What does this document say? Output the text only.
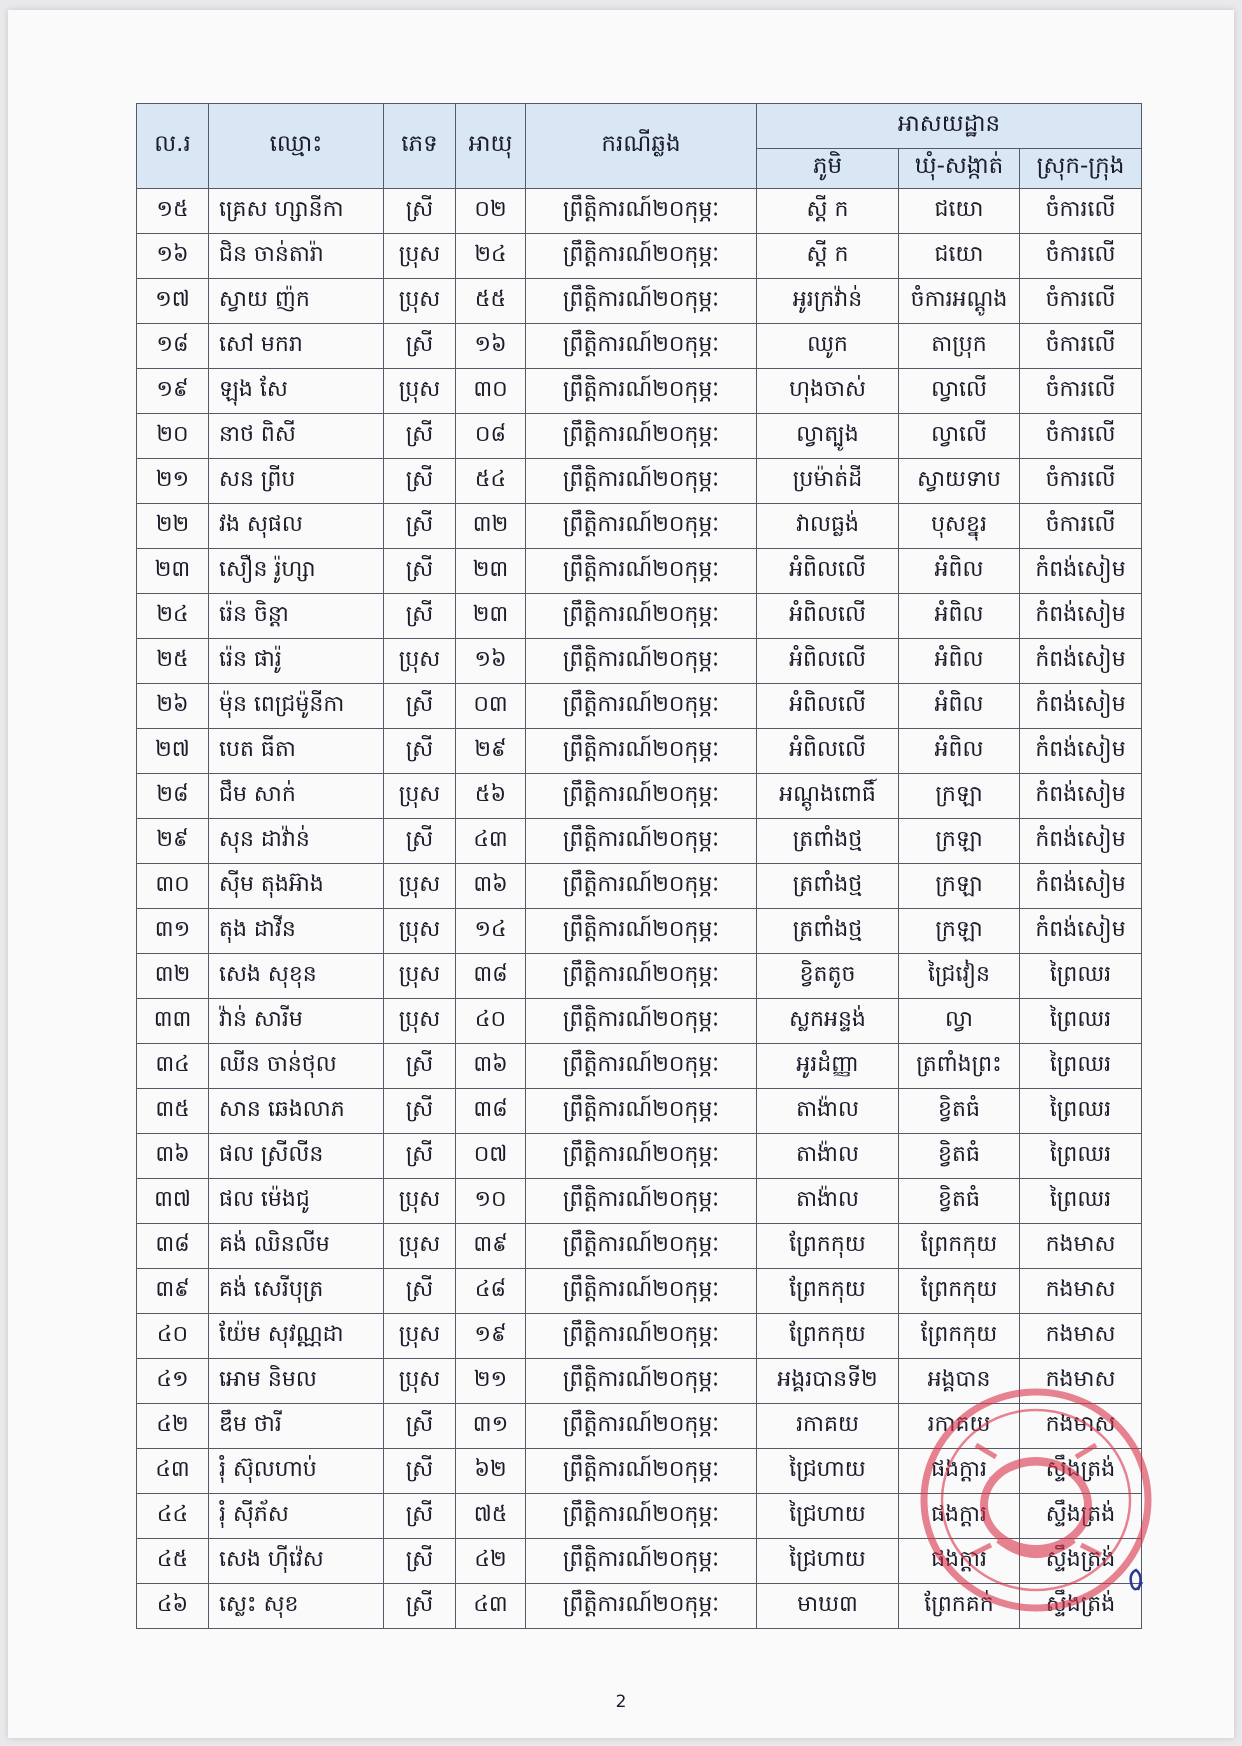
ល.រ	ឈ្មោះ	ភេទ	អាយុ	ករណីឆ្លង	អាសយដ្ឋាន		
					ភូមិ	ឃុំ-សង្កាត់	ស្រុក-ក្រុង
១៥	គ្រេស ហ្សានីកា	ស្រី	០២	ព្រឹត្តិការណ៍២០កុម្ភៈ	ស្តី ក	ជយោ	ចំការលើ
១៦	ជិន ចាន់តារ៉ា	ប្រុស	២៤	ព្រឹត្តិការណ៍២០កុម្ភៈ	ស្តី ក	ជយោ	ចំការលើ
១៧	ស្វាយ ញ៉ក	ប្រុស	៥៥	ព្រឹត្តិការណ៍២០កុម្ភៈ	អូរក្រវ៉ាន់	ចំការអណ្តូង	ចំការលើ
១៨	សៅ មករា	ស្រី	១៦	ព្រឹត្តិការណ៍២០កុម្ភៈ	ឈូក	តាប្រុក	ចំការលើ
១៩	ឡុង សែ	ប្រុស	៣០	ព្រឹត្តិការណ៍២០កុម្ភៈ	ហុងចាស់	ល្វាលើ	ចំការលើ
២០	នាថ ពិសី	ស្រី	០៨	ព្រឹត្តិការណ៍២០កុម្ភៈ	ល្វាត្បូង	ល្វាលើ	ចំការលើ
២១	សន ព្រីប	ស្រី	៥៤	ព្រឹត្តិការណ៍២០កុម្ភៈ	ប្រម៉ាត់ដី	ស្វាយទាប	ចំការលើ
២២	វង សុផល	ស្រី	៣២	ព្រឹត្តិការណ៍២០កុម្ភៈ	វាលធ្លង់	បុសខ្នុរ	ចំការលើ
២៣	សឿន រ៉ូហ្សា	ស្រី	២៣	ព្រឹត្តិការណ៍២០កុម្ភៈ	អំពិលលើ	អំពិល	កំពង់សៀម
២៤	រ៉េន ចិន្តា	ស្រី	២៣	ព្រឹត្តិការណ៍២០កុម្ភៈ	អំពិលលើ	អំពិល	កំពង់សៀម
២៥	រ៉េន ផារ៉ូ	ប្រុស	១៦	ព្រឹត្តិការណ៍២០កុម្ភៈ	អំពិលលើ	អំពិល	កំពង់សៀម
២៦	ម៉ុន ពេជ្រម៉ូនីកា	ស្រី	០៣	ព្រឹត្តិការណ៍២០កុម្ភៈ	អំពិលលើ	អំពិល	កំពង់សៀម
២៧	បេត ធីតា	ស្រី	២៩	ព្រឹត្តិការណ៍២០កុម្ភៈ	អំពិលលើ	អំពិល	កំពង់សៀម
២៨	ជឹម សាក់	ប្រុស	៥៦	ព្រឹត្តិការណ៍២០កុម្ភៈ	អណ្តូងពោធិ៍	ក្រឡា	កំពង់សៀម
២៩	សុន ដាវ៉ាន់	ស្រី	៤៣	ព្រឹត្តិការណ៍២០កុម្ភៈ	ត្រពាំងថ្ម	ក្រឡា	កំពង់សៀម
៣០	ស៊ីម តុងអ៊ាង	ប្រុស	៣៦	ព្រឹត្តិការណ៍២០កុម្ភៈ	ត្រពាំងថ្ម	ក្រឡា	កំពង់សៀម
៣១	តុង ដាវីន	ប្រុស	១៤	ព្រឹត្តិការណ៍២០កុម្ភៈ	ត្រពាំងថ្ម	ក្រឡា	កំពង់សៀម
៣២	សេង សុខុន	ប្រុស	៣៨	ព្រឹត្តិការណ៍២០កុម្ភៈ	ខ្វិតតូច	ជ្រៃវៀន	ព្រៃឈរ
៣៣	វ៉ាន់ សារីម	ប្រុស	៤០	ព្រឹត្តិការណ៍២០កុម្ភៈ	ស្លកអន្ទង់	ល្វា	ព្រៃឈរ
៣៤	ឈីន ចាន់ថុល	ស្រី	៣៦	ព្រឹត្តិការណ៍២០កុម្ភៈ	អូរដំញ្ញា	ត្រពាំងព្រះ	ព្រៃឈរ
៣៥	សាន ឆេងលាភ	ស្រី	៣៨	ព្រឹត្តិការណ៍២០កុម្ភៈ	តាង៉ាល	ខ្វិតធំ	ព្រៃឈរ
៣៦	ផល ស្រីលីន	ស្រី	០៧	ព្រឹត្តិការណ៍២០កុម្ភៈ	តាង៉ាល	ខ្វិតធំ	ព្រៃឈរ
៣៧	ផល ម៉េងជូ	ប្រុស	១០	ព្រឹត្តិការណ៍២០កុម្ភៈ	តាង៉ាល	ខ្វិតធំ	ព្រៃឈរ
៣៨	គង់ ឈិនលីម	ប្រុស	៣៩	ព្រឹត្តិការណ៍២០កុម្ភៈ	ព្រែកកុយ	ព្រែកកុយ	កងមាស
៣៩	គង់ សេរីបុត្រ	ស្រី	៤៨	ព្រឹត្តិការណ៍២០កុម្ភៈ	ព្រែកកុយ	ព្រែកកុយ	កងមាស
៤០	យ៉ែម សុវណ្ណដា	ប្រុស	១៩	ព្រឹត្តិការណ៍២០កុម្ភៈ	ព្រែកកុយ	ព្រែកកុយ	កងមាស
៤១	អោម និមល	ប្រុស	២១	ព្រឹត្តិការណ៍២០កុម្ភៈ	អង្គរបានទី២	អង្គបាន	កងមាស
៤២	ឌឹម ថារី	ស្រី	៣១	ព្រឹត្តិការណ៍២០កុម្ភៈ	រកាគយ	រកាគយ	កងមាស
៤៣	រុំ ស៊ុលហាប់	ស្រី	៦២	ព្រឹត្តិការណ៍២០កុម្ភៈ	ជ្រៃហាយ	ផងក្តារ	ស្ទឹងត្រង់
៤៤	រុំ ស៊ីភ័ស	ស្រី	៧៥	ព្រឹត្តិការណ៍២០កុម្ភៈ	ជ្រៃហាយ	ផងក្តារ	ស្ទឹងត្រង់
៤៥	សេង ហ៊ីវ៉េស	ស្រី	៤២	ព្រឹត្តិការណ៍២០កុម្ភៈ	ជ្រៃហាយ	ផងក្តារ	ស្ទឹងត្រង់
៤៦	ស្លេះ សុខ	ស្រី	៤៣	ព្រឹត្តិការណ៍២០កុម្ភៈ	មាឃ៣	ព្រែកគក់	ស្ទឹងត្រង់
2
